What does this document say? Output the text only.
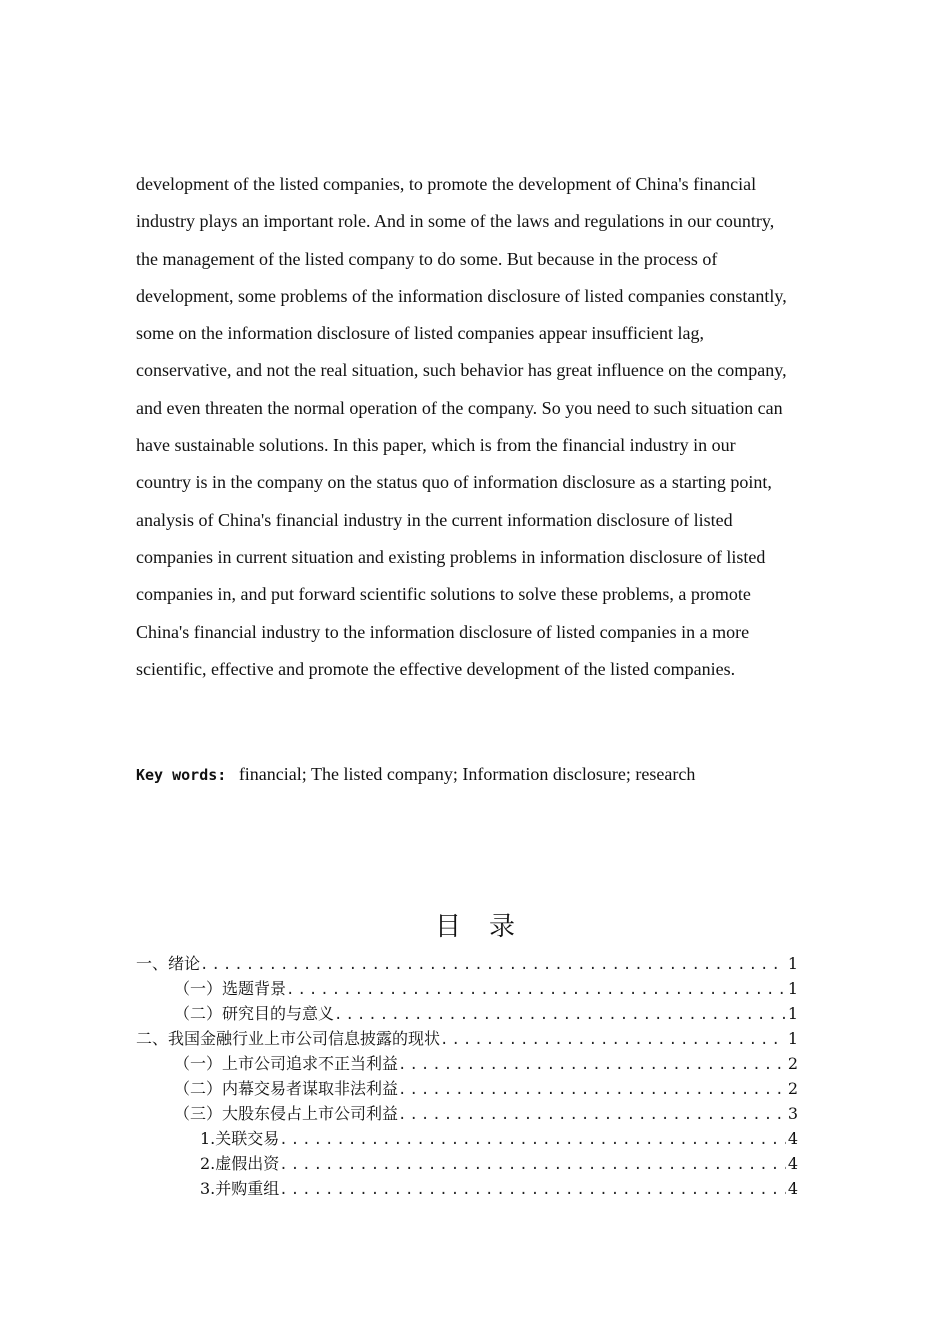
development of the listed companies, to promote the development of China's financial
industry plays an important role. And in some of the laws and regulations in our country,
the management of the listed company to do some. But because in the process of
development, some problems of the information disclosure of listed companies constantly,
some on the information disclosure of listed companies appear insufficient lag,
conservative, and not the real situation, such behavior has great influence on the company,
and even threaten the normal operation of the company. So you need to such situation can
have sustainable solutions. In this paper, which is from the financial industry in our
country is in the company on the status quo of information disclosure as a starting point,
analysis of China's financial industry in the current information disclosure of listed
companies in current situation and existing problems in information disclosure of listed
companies in, and put forward scientific solutions to solve these problems, a promote
China's financial industry to the information disclosure of listed companies in a more
scientific, effective and promote the effective development of the listed companies.
Key words: financial; The listed company; Information disclosure; research
目录
一、绪论 .....	1
（一）选题背景 .....	1
（二）研究目的与意义 .....	1
二、我国金融行业上市公司信息披露的现状 .....	1
（一）上市公司追求不正当利益 .....	2
（二）内幕交易者谋取非法利益 .....	2
（三）大股东侵占上市公司利益 .....	3
1.关联交易 .....	4
2.虚假出资 .....	4
3.并购重组 .....	4
